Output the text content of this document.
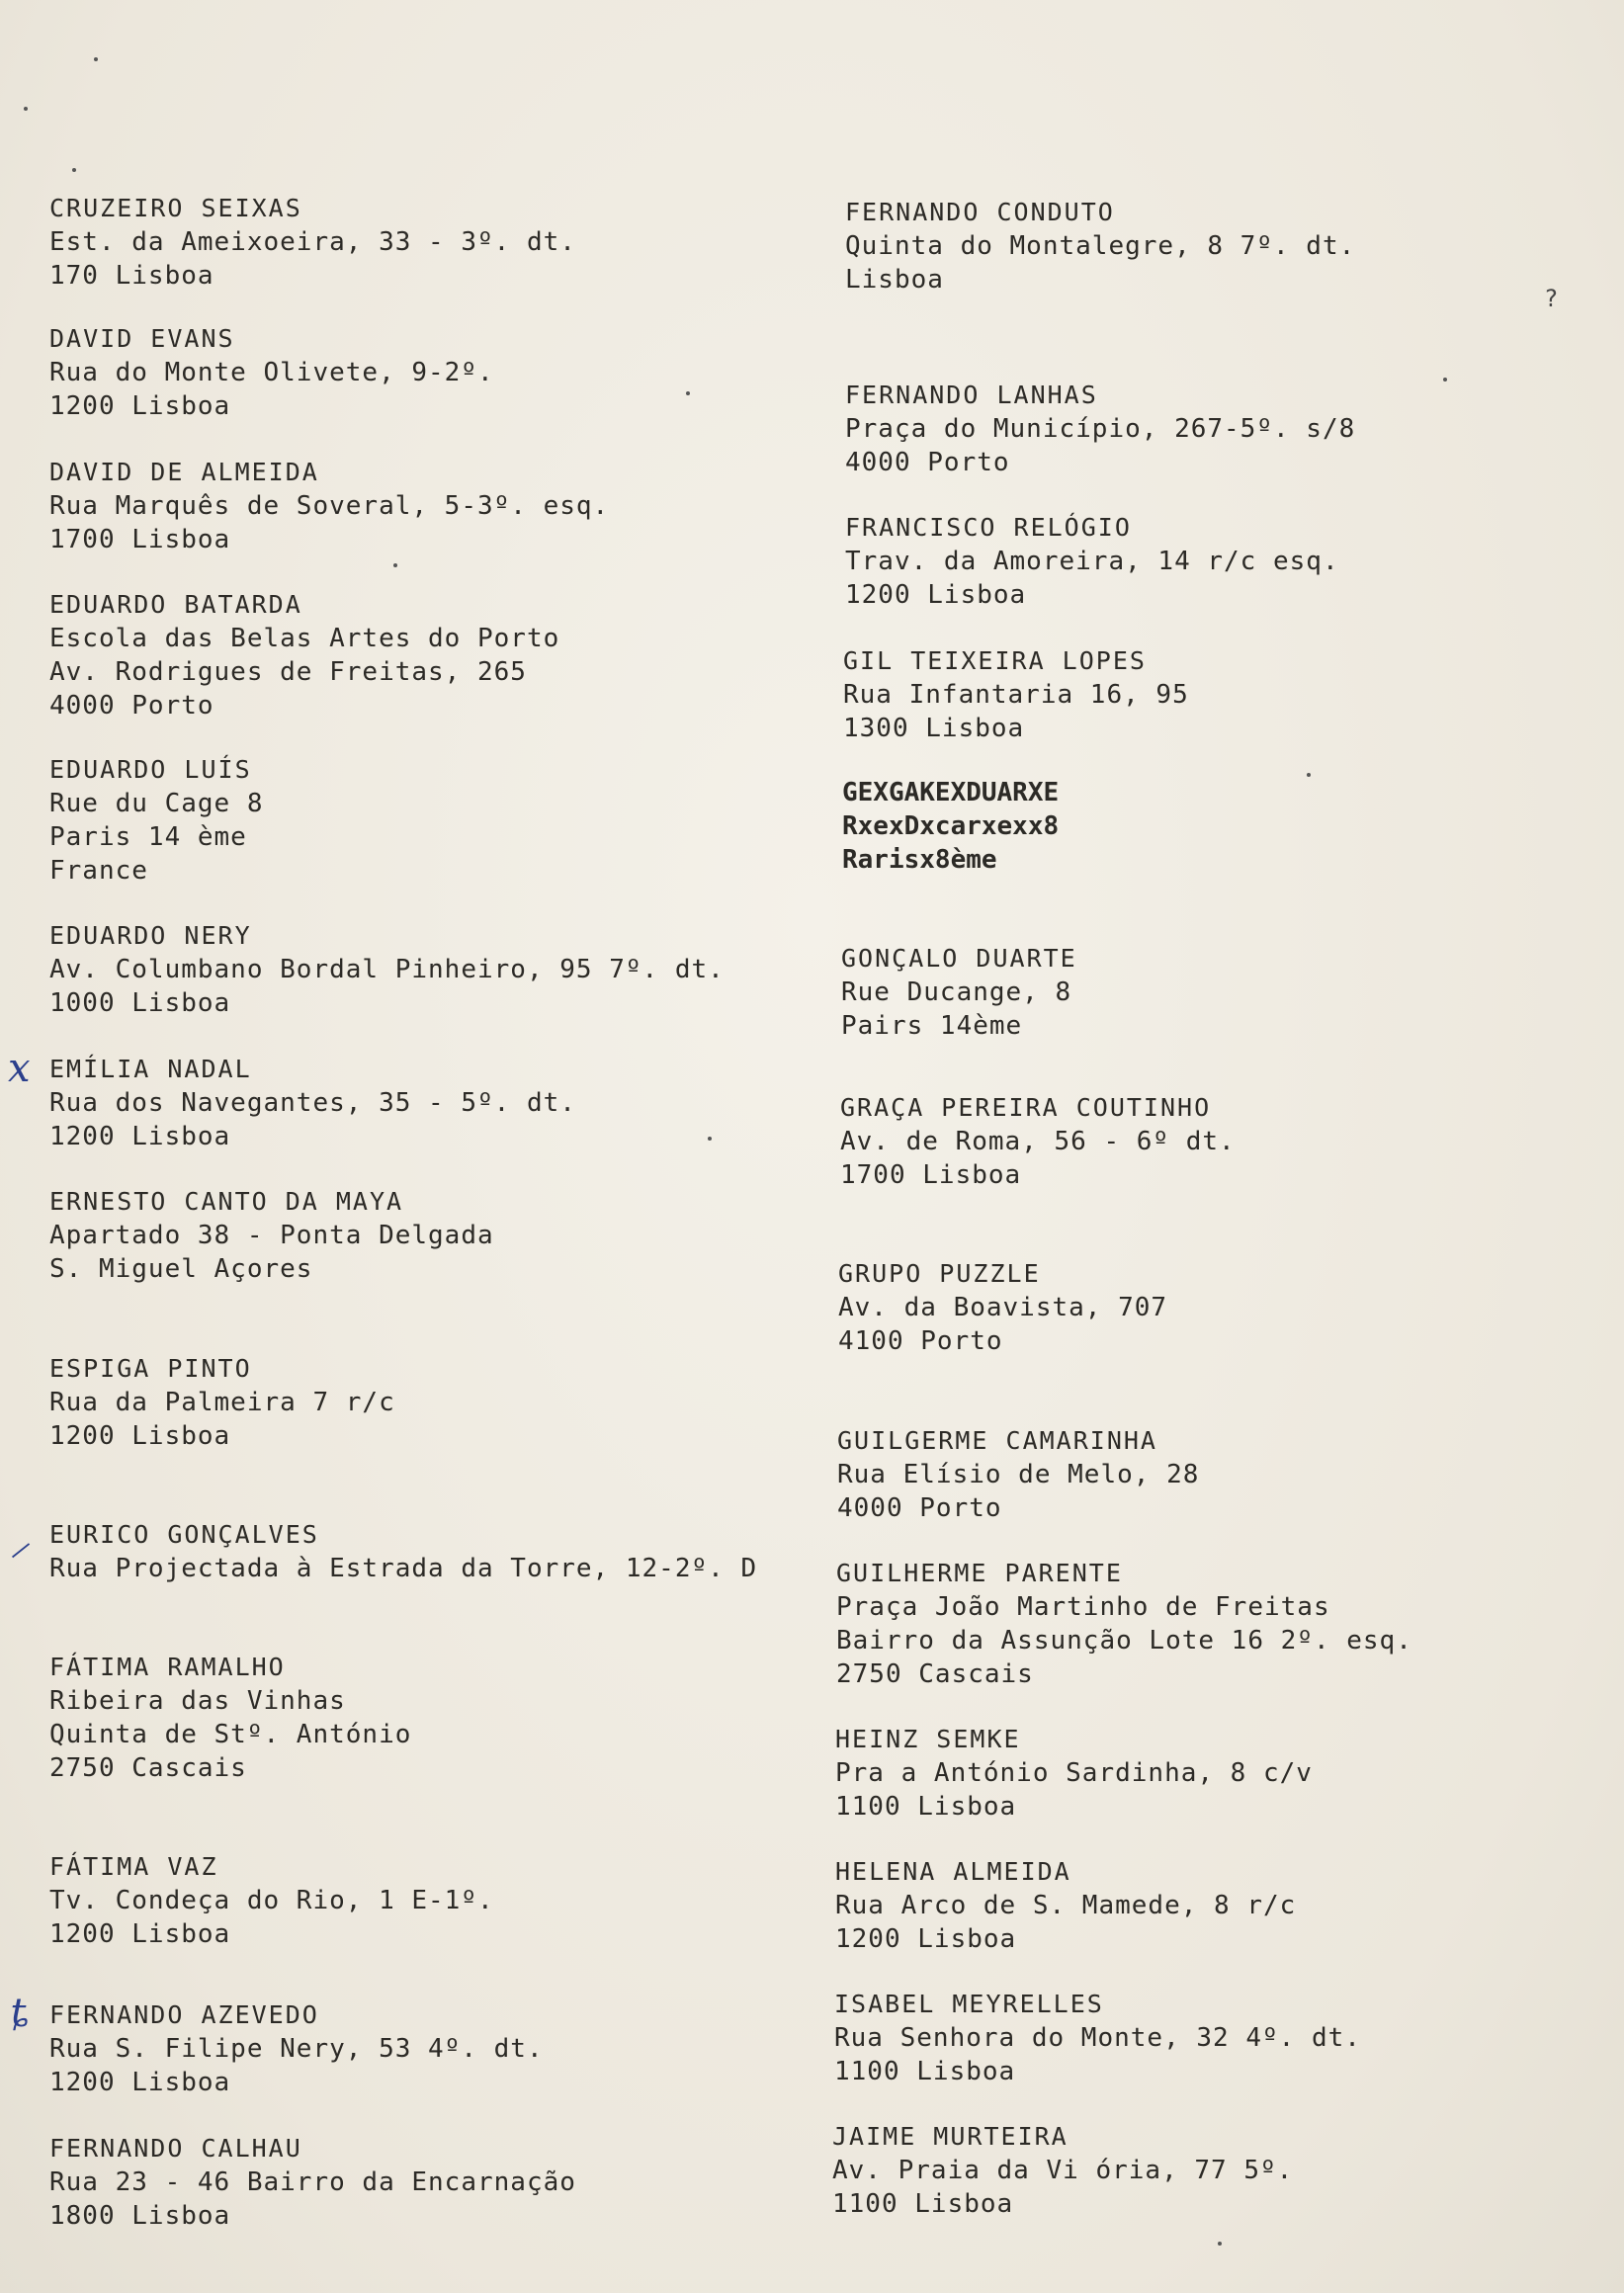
ⅹ
⸝
ȶ
?
CRUZEIRO SEIXAS
Est. da Ameixoeira, 33 - 3º. dt.
170 Lisboa
DAVID EVANS
Rua do Monte Olivete, 9-2º.
1200 Lisboa
DAVID DE ALMEIDA
Rua Marquês de Soveral, 5-3º. esq.
1700 Lisboa
EDUARDO BATARDA
Escola das Belas Artes do Porto
Av. Rodrigues de Freitas, 265
4000 Porto
EDUARDO LUÍS
Rue du Cage 8
Paris 14 ème
France
EDUARDO NERY
Av. Columbano Bordal Pinheiro, 95 7º. dt.
1000 Lisboa
EMÍLIA NADAL
Rua dos Navegantes, 35 - 5º. dt.
1200 Lisboa
ERNESTO CANTO DA MAYA
Apartado 38 - Ponta Delgada
S. Miguel Açores
ESPIGA PINTO
Rua da Palmeira 7 r/c
1200 Lisboa
EURICO GONÇALVES
Rua Projectada à Estrada da Torre, 12-2º. D
FÁTIMA RAMALHO
Ribeira das Vinhas
Quinta de Stº. António
2750 Cascais
FÁTIMA VAZ
Tv. Condeça do Rio, 1 E-1º.
1200 Lisboa
FERNANDO AZEVEDO
Rua S. Filipe Nery, 53 4º. dt.
1200 Lisboa
FERNANDO CALHAU
Rua 23 - 46 Bairro da Encarnação
1800 Lisboa
FERNANDO CONDUTO
Quinta do Montalegre, 8 7º. dt.
Lisboa
FERNANDO LANHAS
Praça do Município, 267-5º. s/8
4000 Porto
FRANCISCO RELÓGIO
Trav. da Amoreira, 14 r/c esq.
1200 Lisboa
GIL TEIXEIRA LOPES
Rua Infantaria 16, 95
1300 Lisboa
GEXGAKEXDUARXE
RxexDxcarxexx8
Rarisx8ème
GONÇALO DUARTE
Rue Ducange, 8
Pairs 14ème
GRAÇA PEREIRA COUTINHO
Av. de Roma, 56 - 6º dt.
1700 Lisboa
GRUPO PUZZLE
Av. da Boavista, 707
4100 Porto
GUILGERME CAMARINHA
Rua Elísio de Melo, 28
4000 Porto
GUILHERME PARENTE
Praça João Martinho de Freitas
Bairro da Assunção Lote 16 2º. esq.
2750 Cascais
HEINZ SEMKE
Pra a António Sardinha, 8 c/v
1100 Lisboa
HELENA ALMEIDA
Rua Arco de S. Mamede, 8 r/c
1200 Lisboa
ISABEL MEYRELLES
Rua Senhora do Monte, 32 4º. dt.
1100 Lisboa
JAIME MURTEIRA
Av. Praia da Vi ória, 77 5º.
1100 Lisboa
